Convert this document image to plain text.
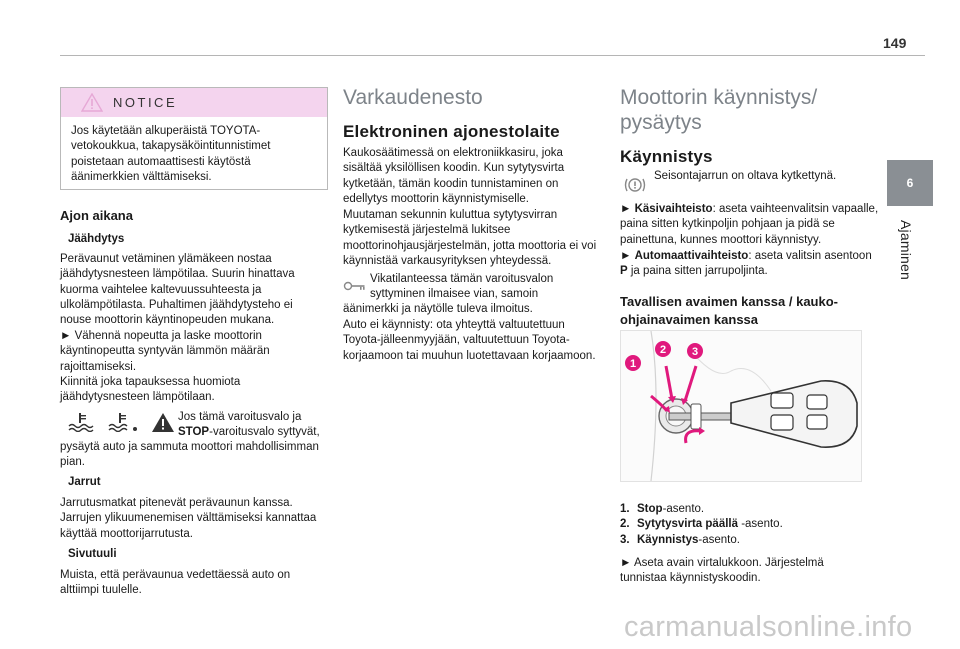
149
6
Ajaminen
NOTICE
Jos käytetään alkuperäistä TOYOTA-vetokoukkua, takapysäköintitunnistimet poistetaan automaattisesti käytöstä äänimerkkien välttämiseksi.
Ajon aikana
Jäähdytys
Perävaunut vetäminen ylämäkeen nostaa jäähdytysnesteen lämpötilaa. Suurin hinattava kuorma vaihtelee kaltevuussuhteesta ja ulkolämpötilasta. Puhaltimen jäähdytysteho ei nouse moottorin käyntinopeuden mukana.
► Vähennä nopeutta ja laske moottorin käyntinopeutta syntyvän lämmön määrän rajoittamiseksi.
Kiinnitä joka tapauksessa huomiota jäähdytysnesteen lämpötilaan.

Jos tämä varoitusvalo ja
STOP-varoitusvalo syttyvät,
pysäytä auto ja sammuta moottori mahdollisimman pian.
Jarrut
Jarrutusmatkat pitenevät perävaunun kanssa. Jarrujen ylikuumenemisen välttämiseksi kannattaa käyttää moottorijarrutusta.
Sivutuuli
Muista, että perävaunua vedettäessä auto on alttiimpi tuulelle.
Varkaudenesto
Elektroninen ajonestolaite
Kaukosäätimessä on elektroniikkasiru, joka sisältää yksilöllisen koodin. Kun sytytysvirta kytketään, tämän koodin tunnistaminen on edellytys moottorin käynnistymiselle.
Muutaman sekunnin kuluttua sytytysvirran kytkemisestä järjestelmä lukitsee moottorinohjausjärjestelmän, jotta moottoria ei voi käynnistää varkausyrityksen yhteydessä.
Vikatilanteessa tämän varoitusvalon
syttyminen ilmaisee vian, samoin
äänimerkki ja näytölle tuleva ilmoitus.
Auto ei käynnisty: ota yhteyttä valtuutettuun Toyota-jälleenmyyjään, valtuutettuun Toyota-korjaamoon tai muuhun luotettavaan korjaamoon.
Moottorin käynnistys/
pysäytys
Käynnistys
Seisontajarrun on oltava kytkettynä.
► Käsivaihteisto: aseta vaihteenvalitsin vapaalle, paina sitten kytkinpoljin pohjaan ja pidä se painettuna, kunnes moottori käynnistyy.
► Automaattivaihteisto: aseta valitsin asentoon P ja paina sitten jarrupoljinta.
Tavallisen avaimen kanssa / kauko-ohjainavaimen kanssa
1
2 3
1. Stop-asento.
2. Sytytysvirta päällä -asento.
3. Käynnistys-asento.
► Aseta avain virtalukkoon. Järjestelmä tunnistaa käynnistyskoodin.
carmanualsonline.info
